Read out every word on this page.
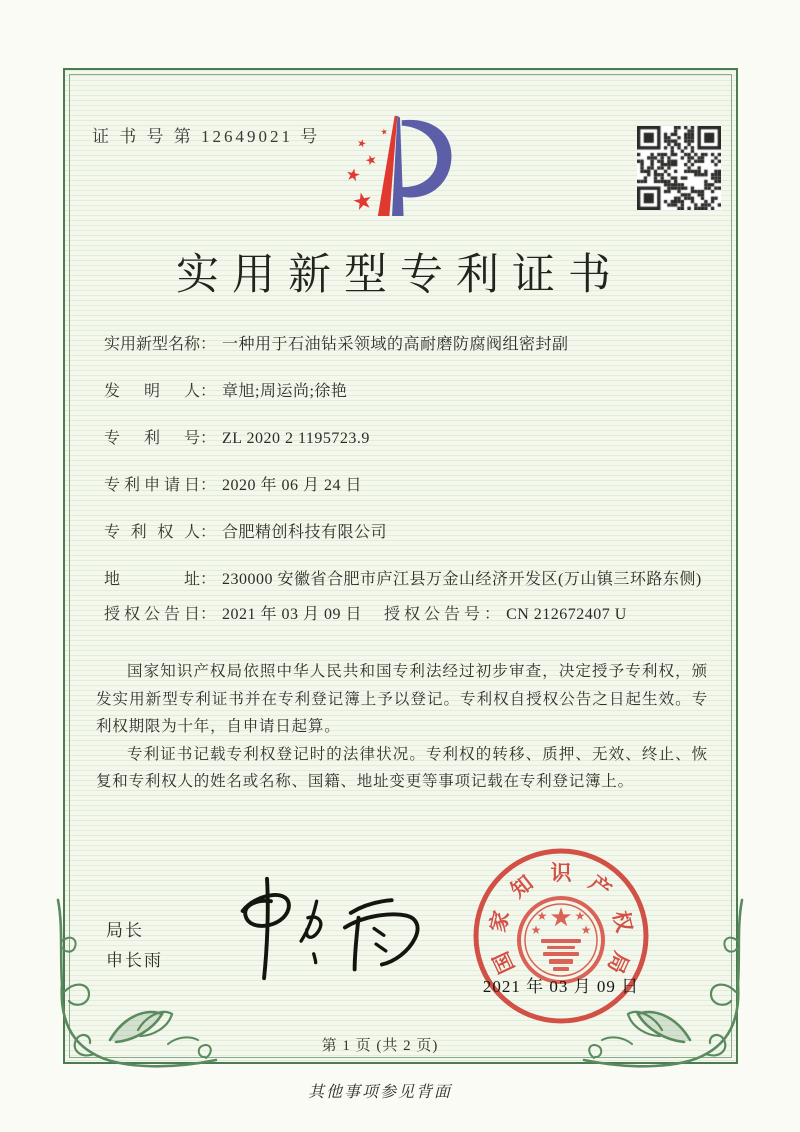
证 书 号 第 12649021 号
★
★
★
★
★
实用新型专利证书
实用新型名称 ： 一种用于石油钻采领域的高耐磨防腐阀组密封副
发明人 ： 章旭;周运尚;徐艳
专利号 ： ZL 2020 2 1195723.9
专利申请日 ： 2020 年 06 月 24 日
专利权人 ： 合肥精创科技有限公司
地址 ： 230000 安徽省合肥市庐江县万金山经济开发区(万山镇三环路东侧)
授权公告日 ： 2021 年 03 月 09 日 授权公告号 ： CN 212672407 U

国家知识产权局依照中华人民共和国专利法经过初步审查，决定授予专利权，颁发实用新型专利证书并在专利登记簿上予以登记。专利权自授权公告之日起生效。专利权期限为十年，自申请日起算。

专利证书记载专利权登记时的法律状况。专利权的转移、质押、无效、终止、恢复和专利权人的姓名或名称、国籍、地址变更等事项记载在专利登记簿上。

局长
申长雨	国
家
知 识 产
权
局
★
★ ★
★	★
2021 年 03 月 09 日
第 1 页 (共 2 页)
其他事项参见背面
